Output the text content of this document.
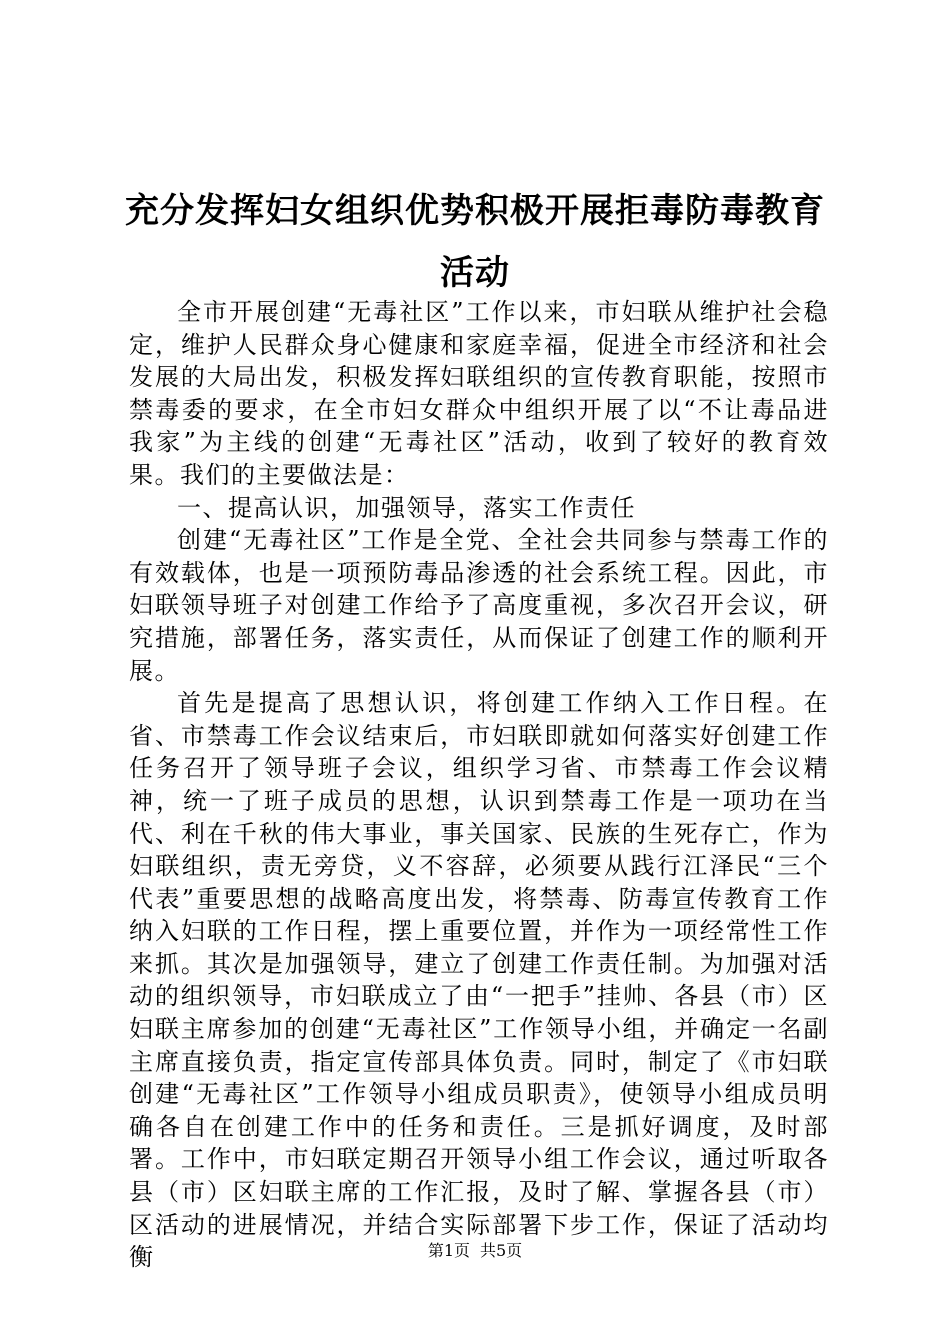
充分发挥妇女组织优势积极开展拒毒防毒教育活动

全市开展创建“无毒社区”工作以来，市妇联从维护社会稳定，维护人民群众身心健康和家庭幸福，促进全市经济和社会发展的大局出发，积极发挥妇联组织的宣传教育职能，按照市禁毒委的要求，在全市妇女群众中组织开展了以“不让毒品进我家”为主线的创建“无毒社区”活动，收到了较好的教育效果。我们的主要做法是：

一、提高认识，加强领导，落实工作责任

创建“无毒社区”工作是全党、全社会共同参与禁毒工作的有效载体，也是一项预防毒品渗透的社会系统工程。因此，市妇联领导班子对创建工作给予了高度重视，多次召开会议，研究措施，部署任务，落实责任，从而保证了创建工作的顺利开展。

首先是提高了思想认识，将创建工作纳入工作日程。在省、市禁毒工作会议结束后，市妇联即就如何落实好创建工作任务召开了领导班子会议，组织学习省、市禁毒工作会议精神，统一了班子成员的思想，认识到禁毒工作是一项功在当代、利在千秋的伟大事业，事关国家、民族的生死存亡，作为妇联组织，责无旁贷，义不容辞，必须要从践行江泽民“三个代表”重要思想的战略高度出发，将禁毒、防毒宣传教育工作纳入妇联的工作日程，摆上重要位置，并作为一项经常性工作来抓。其次是加强领导，建立了创建工作责任制。为加强对活动的组织领导，市妇联成立了由“一把手”挂帅、各县（市）区妇联主席参加的创建“无毒社区”工作领导小组，并确定一名副主席直接负责，指定宣传部具体负责。同时，制定了《市妇联创建“无毒社区”工作领导小组成员职责》，使领导小组成员明确各自在创建工作中的任务和责任。三是抓好调度，及时部署。工作中，市妇联定期召开领导小组工作会议，通过听取各县（市）区妇联主席的工作汇报，及时了解、掌握各县（市）区活动的进展情况，并结合实际部署下步工作，保证了活动均衡	第1页 共5页
